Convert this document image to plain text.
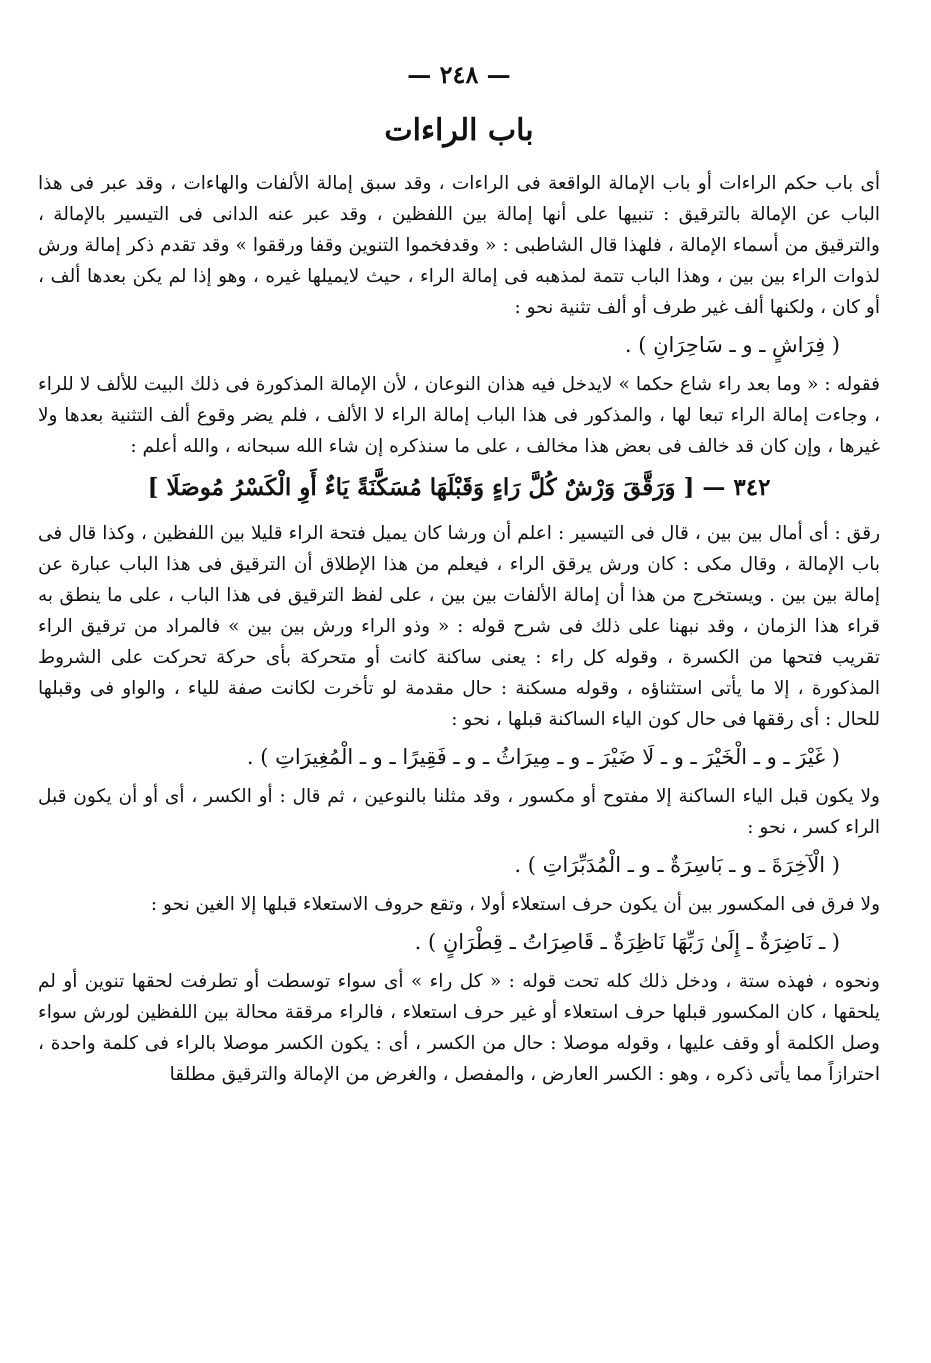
— ٢٤٨ —
باب الراءات

أى باب حكم الراءات أو باب الإمالة الواقعة فى الراءات ، وقد سبق إمالة الألفات والهاءات ، وقد عبر فى هذا الباب عن الإمالة بالترقيق : تنبيها على أنها إمالة بين اللفظين ، وقد عبر عنه الدانى فى التيسير بالإمالة ، والترقيق من أسماء الإمالة ، فلهذا قال الشاطبى : « وقدفخموا التنوين وقفا ورققوا » وقد تقدم ذكر إمالة ورش لذوات الراء بين بين ، وهذا الباب تتمة لمذهبه فى إمالة الراء ، حيث لايميلها غيره ، وهو إذا لم يكن بعدها ألف ، أو كان ، ولكنها ألف غير طرف أو ألف تثنية نحو :

( فِرَاشٍ ـ و ـ سَاحِرَانِ ) .

فقوله : « وما بعد راء شاع حكما » لايدخل فيه هذان النوعان ، لأن الإمالة المذكورة فى ذلك البيت للألف لا للراء ، وجاءت إمالة الراء تبعا لها ، والمذكور فى هذا الباب إمالة الراء لا الألف ، فلم يضر وقوع ألف التثنية بعدها ولا غيرها ، وإن كان قد خالف فى بعض هذا مخالف ، على ما سنذكره إن شاء الله سبحانه ، والله أعلم :

٣٤٢ — [ وَرَقَّقَ وَرْشٌ كُلَّ رَاءٍ وَقَبْلَهَا مُسَكَّنَةً يَاءٌ أَوِ الْكَسْرُ مُوصَلَا ]

رقق : أى أمال بين بين ، قال فى التيسير : اعلم أن ورشا كان يميل فتحة الراء قليلا بين اللفظين ، وكذا قال فى باب الإمالة ، وقال مكى : كان ورش يرقق الراء ، فيعلم من هذا الإطلاق أن الترقيق فى هذا الباب عبارة عن إمالة بين بين . ويستخرج من هذا أن إمالة الألفات بين بين ، على لفظ الترقيق فى هذا الباب ، على ما ينطق به قراء هذا الزمان ، وقد نبهنا على ذلك فى شرح قوله : « وذو الراء ورش بين بين » فالمراد من ترقيق الراء تقريب فتحها من الكسرة ، وقوله كل راء : يعنى ساكنة كانت أو متحركة بأى حركة تحركت على الشروط المذكورة ، إلا ما يأتى استثناؤه ، وقوله مسكنة : حال مقدمة لو تأخرت لكانت صفة للياء ، والواو فى وقبلها للحال : أى رققها فى حال كون الياء الساكنة قبلها ، نحو :

( غَيْرَ ـ و ـ الْخَيْرَ ـ و ـ لَا ضَيْرَ ـ و ـ مِيرَاثُ ـ و ـ فَقِيرًا ـ و ـ الْمُغِيرَاتِ ) .

ولا يكون قبل الياء الساكنة إلا مفتوح أو مكسور ، وقد مثلنا بالنوعين ، ثم قال : أو الكسر ، أى أو أن يكون قبل الراء كسر ، نحو :

( الْآخِرَةَ ـ و ـ بَاسِرَةٌ ـ و ـ الْمُدَبِّرَاتِ ) .

ولا فرق فى المكسور بين أن يكون حرف استعلاء أولا ، وتقع حروف الاستعلاء قبلها إلا الغين نحو :

( ـ نَاضِرَةٌ ـ إِلَىٰ رَبِّهَا نَاظِرَةٌ ـ قَاصِرَاتُ ـ قِطْرَانٍ ) .

ونحوه ، فهذه ستة ، ودخل ذلك كله تحت قوله : « كل راء » أى سواء توسطت أو تطرفت لحقها تنوين أو لم يلحقها ، كان المكسور قبلها حرف استعلاء أو غير حرف استعلاء ، فالراء مرققة محالة بين اللفظين لورش سواء وصل الكلمة أو وقف عليها ، وقوله موصلا : حال من الكسر ، أى : يكون الكسر موصلا بالراء فى كلمة واحدة ، احترازاً مما يأتى ذكره ، وهو : الكسر العارض ، والمفصل ، والغرض من الإمالة والترقيق مطلقا
